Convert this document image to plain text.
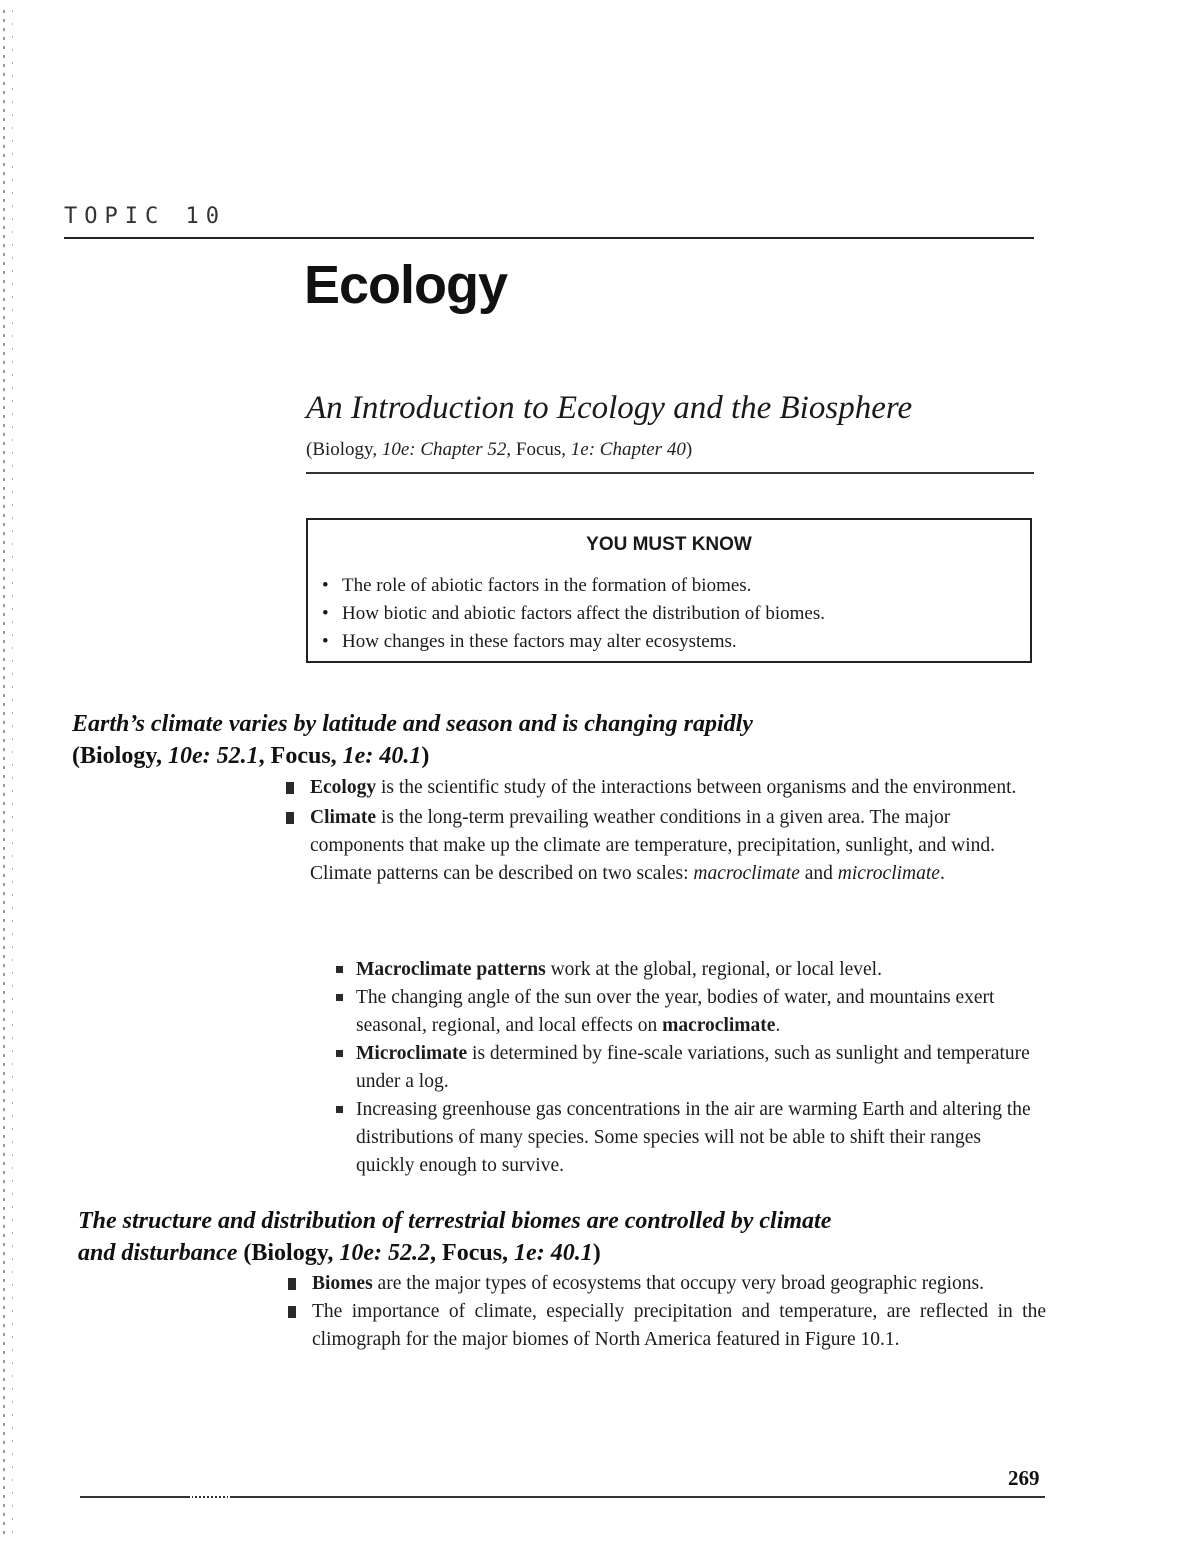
TOPIC 10
Ecology
An Introduction to Ecology and the Biosphere
(Biology, 10e: Chapter 52, Focus, 1e: Chapter 40)
YOU MUST KNOW
• The role of abiotic factors in the formation of biomes.
• How biotic and abiotic factors affect the distribution of biomes.
• How changes in these factors may alter ecosystems.
Earth’s climate varies by latitude and season and is changing rapidly
(Biology, 10e: 52.1, Focus, 1e: 40.1)
Ecology is the scientific study of the interactions between organisms and the environment.
Climate is the long-term prevailing weather conditions in a given area. The major components that make up the climate are temperature, precipitation, sunlight, and wind. Climate patterns can be described on two scales: macroclimate and microclimate.
Macroclimate patterns work at the global, regional, or local level.
The changing angle of the sun over the year, bodies of water, and mountains exert seasonal, regional, and local effects on macroclimate.
Microclimate is determined by fine-scale variations, such as sunlight and temperature under a log.
Increasing greenhouse gas concentrations in the air are warming Earth and altering the distributions of many species. Some species will not be able to shift their ranges quickly enough to survive.
The structure and distribution of terrestrial biomes are controlled by climate
and disturbance (Biology, 10e: 52.2, Focus, 1e: 40.1)
Biomes are the major types of ecosystems that occupy very broad geographic regions.
The importance of climate, especially precipitation and temperature, are reflected in the climograph for the major biomes of North America featured in Figure 10.1.
269
